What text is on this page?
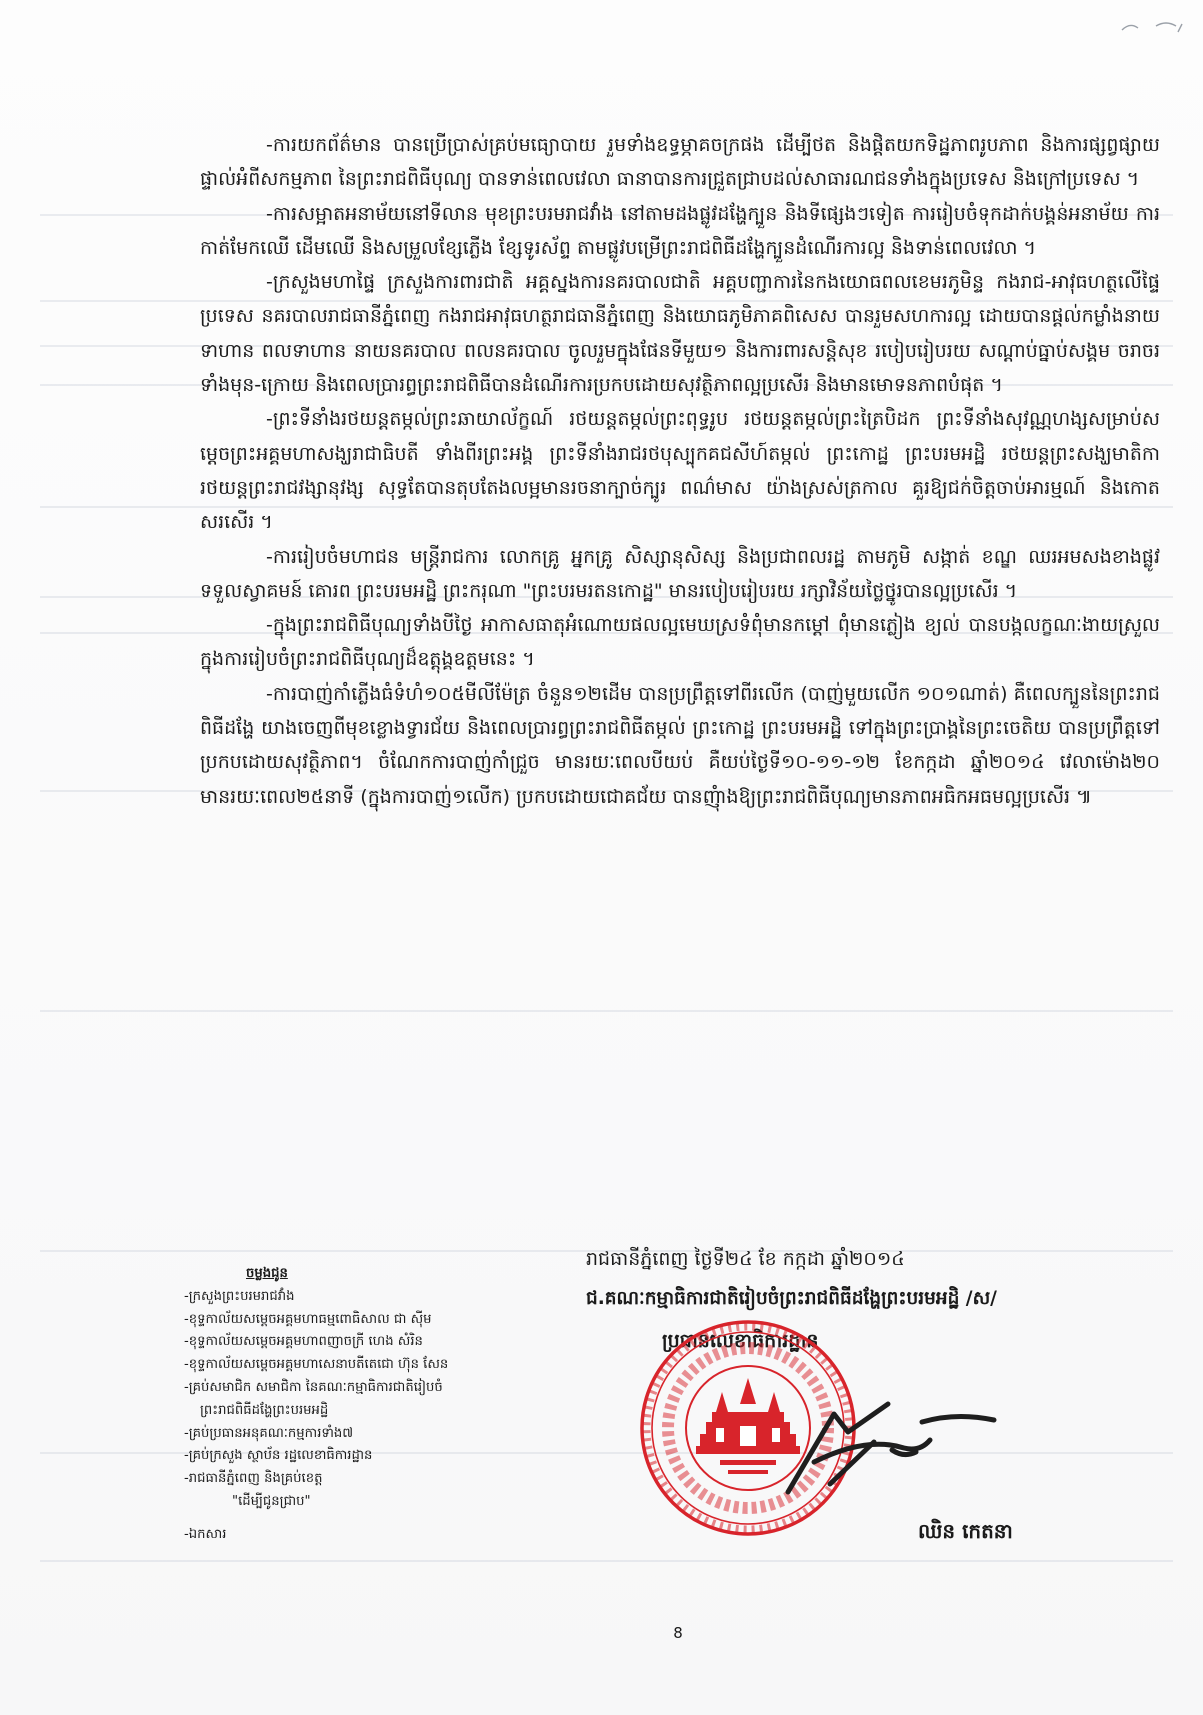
-ការយកព័ត៌មាន បានប្រើប្រាស់គ្រប់មធ្យោបាយ រួមទាំងឧទ្ធម្ភាគចក្រផង ដើម្បីថត និងផ្តិតយកទិដ្ឋភាពរូបភាព និងការផ្សព្វផ្សាយផ្ទាល់អំពីសកម្មភាព នៃព្រះរាជពិធីបុណ្យ បានទាន់ពេលវេលា ធានាបានការជ្រួតជ្រាបដល់សាធារណជនទាំងក្នុងប្រទេស និងក្រៅប្រទេស ។

-ការសម្អាតអនាម័យនៅទីលាន មុខព្រះបរមរាជវាំង នៅតាមដងផ្លូវដង្ហែក្បួន និងទីផ្សេងៗទៀត ការរៀបចំទុកដាក់បង្គន់អនាម័យ ការកាត់មែកឈើ ដើមឈើ និងសម្រួលខ្សែភ្លើង ខ្សែទូរស័ព្ទ តាមផ្លូវបម្រើព្រះរាជពិធីដង្ហែក្បួនដំណើរការល្អ និងទាន់ពេលវេលា ។

-ក្រសួងមហាផ្ទៃ ក្រសួងការពារជាតិ អគ្គស្នងការនគរបាលជាតិ អគ្គបញ្ជាការនៃកងយោធពលខេមរភូមិន្ទ កងរាជ-អាវុធហត្ថលើផ្ទៃប្រទេស នគរបាលរាជធានីភ្នំពេញ កងរាជអាវុធហត្ថរាជធានីភ្នំពេញ និងយោធភូមិភាគពិសេស បានរួមសហការល្អ ដោយបានផ្តល់កម្លាំងនាយទាហាន ពលទាហាន នាយនគរបាល ពលនគរបាល ចូលរួមក្នុងផែនទីមួយ១ និងការពារសន្តិសុខ របៀបរៀបរយ សណ្តាប់ធ្នាប់សង្គម ចរាចរ ទាំងមុន-ក្រោយ និងពេលប្រារព្ធព្រះរាជពិធីបានដំណើរការប្រកបដោយសុវត្ថិភាពល្អប្រសើរ និងមានមោទនភាពបំផុត ។

-ព្រះទីនាំងរថយន្តតម្កល់ព្រះឆាយាល័ក្ខណ៍ រថយន្តតម្កល់ព្រះពុទ្ធរូប រថយន្តតម្កល់ព្រះត្រៃបិដក ព្រះទីនាំងសុវណ្ណហង្សសម្រាប់សម្តេចព្រះអគ្គមហាសង្ឃរាជាធិបតី ទាំងពីរព្រះអង្គ ព្រះទីនាំងរាជរថបុស្បុកគជសីហ៍តម្កល់ ព្រះកោដ្ឋ ព្រះបរមអដ្ឋិ រថយន្តព្រះសង្ឃមាតិកា រថយន្តព្រះរាជវង្សានុវង្ស សុទ្ធតែបានតុបតែងលម្អមានរចនាក្បាច់ក្បូរ ពណ៌មាស យ៉ាងស្រស់ត្រកាល គួរឱ្យជក់ចិត្តចាប់អារម្មណ៍ និងកោតសរសើរ ។

-ការរៀបចំមហាជន មន្ត្រីរាជការ លោកគ្រូ អ្នកគ្រូ សិស្សានុសិស្ស និងប្រជាពលរដ្ឋ តាមភូមិ សង្កាត់ ខណ្ឌ ឈរអមសងខាងផ្លូវ ទទួលស្វាគមន៍ គោរព ព្រះបរមអដ្ឋិ ព្រះករុណា "ព្រះបរមរតនកោដ្ឋ" មានរបៀបរៀបរយ រក្សាវិន័យថ្លៃថ្នូរបានល្អប្រសើរ ។

-ក្នុងព្រះរាជពិធីបុណ្យទាំងបីថ្ងៃ អាកាសធាតុអំណោយផលល្អមេឃស្រទំពុំមានកម្តៅ ពុំមានភ្លៀង ខ្យល់ បានបង្កលក្ខណៈងាយស្រួល ក្នុងការរៀបចំព្រះរាជពិធីបុណ្យដ៏ឧត្តុង្គឧត្តមនេះ ។

-ការបាញ់កាំភ្លើងធំទំហំ១០៥មីលីម៉ែត្រ ចំនួន១២ដើម បានប្រព្រឹត្តទៅពីរលើក (បាញ់មួយលើក ១០១ណាត់) គឺពេលក្បួននៃព្រះរាជពិធីដង្ហែ យាងចេញពីមុខខ្លោងទ្វារជ័យ និងពេលប្រារព្ធព្រះរាជពិធីតម្កល់ ព្រះកោដ្ឋ ព្រះបរមអដ្ឋិ ទៅក្នុងព្រះប្រាង្គនៃព្រះចេតិយ បានប្រព្រឹត្តទៅប្រកបដោយសុវត្ថិភាព។ ចំណែកការបាញ់កាំជ្រួច មានរយៈពេលបីយប់ គឺយប់ថ្ងៃទី១០-១១-១២ ខែកក្កដា ឆ្នាំ២០១៤ វេលាម៉ោង២០ មានរយៈពេល២៥នាទី (ក្នុងការបាញ់១លើក) ប្រកបដោយជោគជ័យ បានញុំាងឱ្យព្រះរាជពិធីបុណ្យមានភាពអធិកអធមល្អប្រសើរ ៕

រាជធានីភ្នំពេញ ថ្ងៃទី២៤ ខែ កក្កដា ឆ្នាំ២០១៤
ជ.គណៈកម្មាធិការជាតិរៀបចំព្រះរាជពិធីដង្ហែព្រះបរមអដ្ឋិ /ស/
ប្រធានលេខាធិការដ្ឋាន
ចម្លងជូន
-ក្រសួងព្រះបរមរាជវាំង
-ខុទ្ទកាល័យសម្តេចអគ្គមហាធម្មពោធិសាល ជា ស៊ីម
-ខុទ្ទកាល័យសម្តេចអគ្គមហាពញាចក្រី ហេង សំរិន
-ខុទ្ទកាល័យសម្តេចអគ្គមហាសេនាបតីតេជោ ហ៊ុន សែន
-គ្រប់សមាជិក សមាជិកា នៃគណៈកម្មាធិការជាតិរៀបចំ
ព្រះរាជពិធីដង្ហែព្រះបរមអដ្ឋិ
-គ្រប់ប្រធានអនុគណៈកម្មការទាំង៧
-គ្រប់ក្រសួង ស្ថាប័ន រដ្ឋលេខាធិការដ្ឋាន
-រាជធានីភ្នំពេញ និងគ្រប់ខេត្ត
"ដើម្បីជូនជ្រាប"
-ឯកសារ	ឈិន កេតនា
8
